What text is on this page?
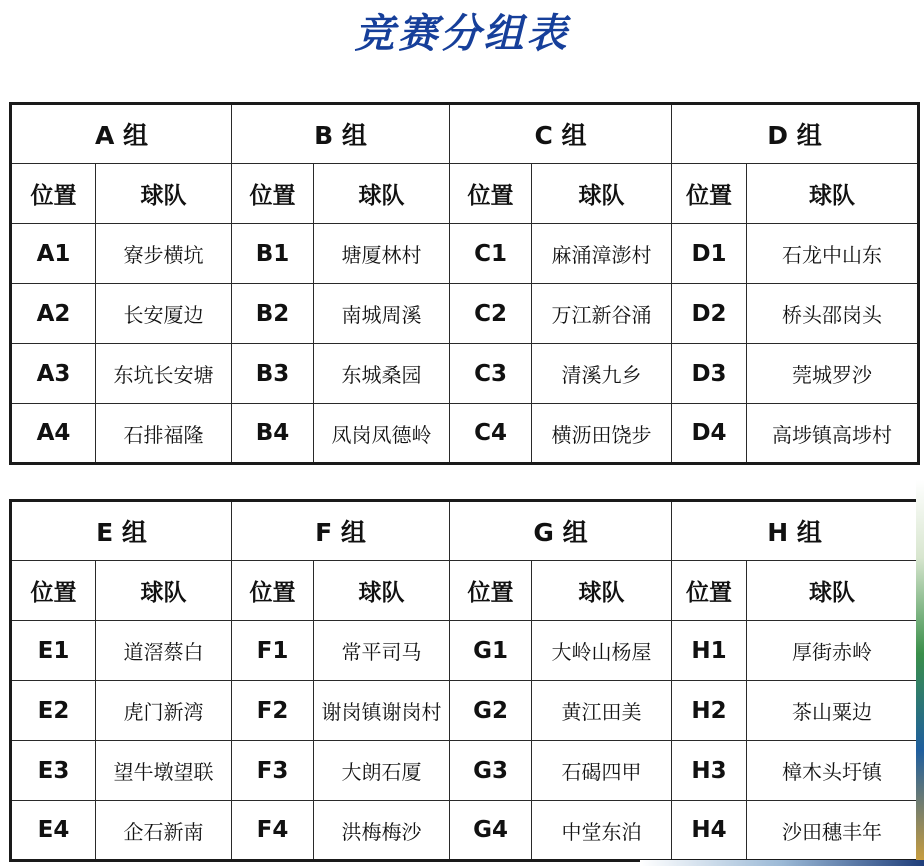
竞赛分组表
A 组		B 组		C 组		D 组	
位置	球队	位置	球队	位置	球队	位置	球队
A1	寮步横坑	B1	塘厦林村	C1	麻涌漳澎村	D1	石龙中山东
A2	长安厦边	B2	南城周溪	C2	万江新谷涌	D2	桥头邵岗头
A3	东坑长安塘	B3	东城桑园	C3	清溪九乡	D3	莞城罗沙
A4	石排福隆	B4	凤岗凤德岭	C4	横沥田饶步	D4	高埗镇高埗村
E 组		F 组		G 组		H 组	
位置	球队	位置	球队	位置	球队	位置	球队
E1	道滘蔡白	F1	常平司马	G1	大岭山杨屋	H1	厚街赤岭
E2	虎门新湾	F2	谢岗镇谢岗村	G2	黄江田美	H2	茶山粟边
E3	望牛墩望联	F3	大朗石厦	G3	石碣四甲	H3	樟木头圩镇
E4	企石新南	F4	洪梅梅沙	G4	中堂东泊	H4	沙田穗丰年
